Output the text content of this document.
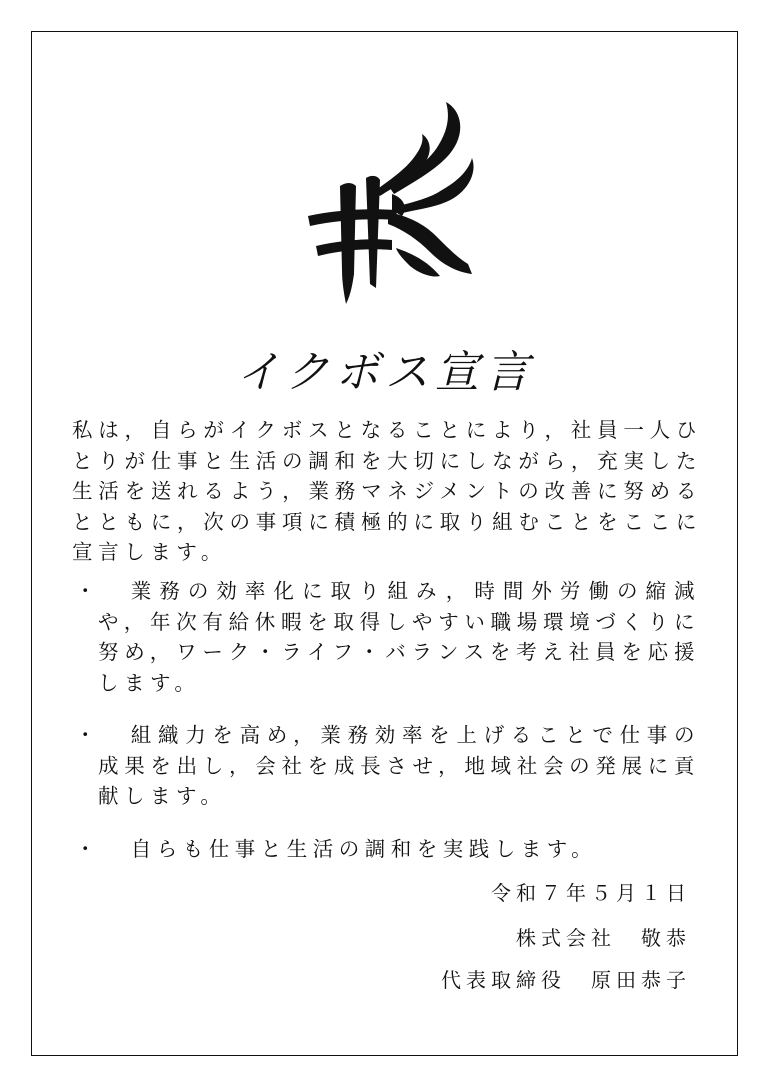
イクボス宣言

私は，自らがイクボスとなることにより，社員一人ひとりが仕事と生活の調和を大切にしながら，充実した生活を送れるよう，業務マネジメントの改善に努めるとともに，次の事項に積極的に取り組むことをここに宣言します。

・	業務の効率化に取り組み，時間外労働の縮減や，年次有給休暇を取得しやすい職場環境づくりに努め，ワーク・ライフ・バランスを考え社員を応援します。
・	組織力を高め，業務効率を上げることで仕事の成果を出し，会社を成長させ，地域社会の発展に貢献します。
・	自らも仕事と生活の調和を実践します。
令和７年５月１日
株式会社　敬恭
代表取締役　原田恭子
